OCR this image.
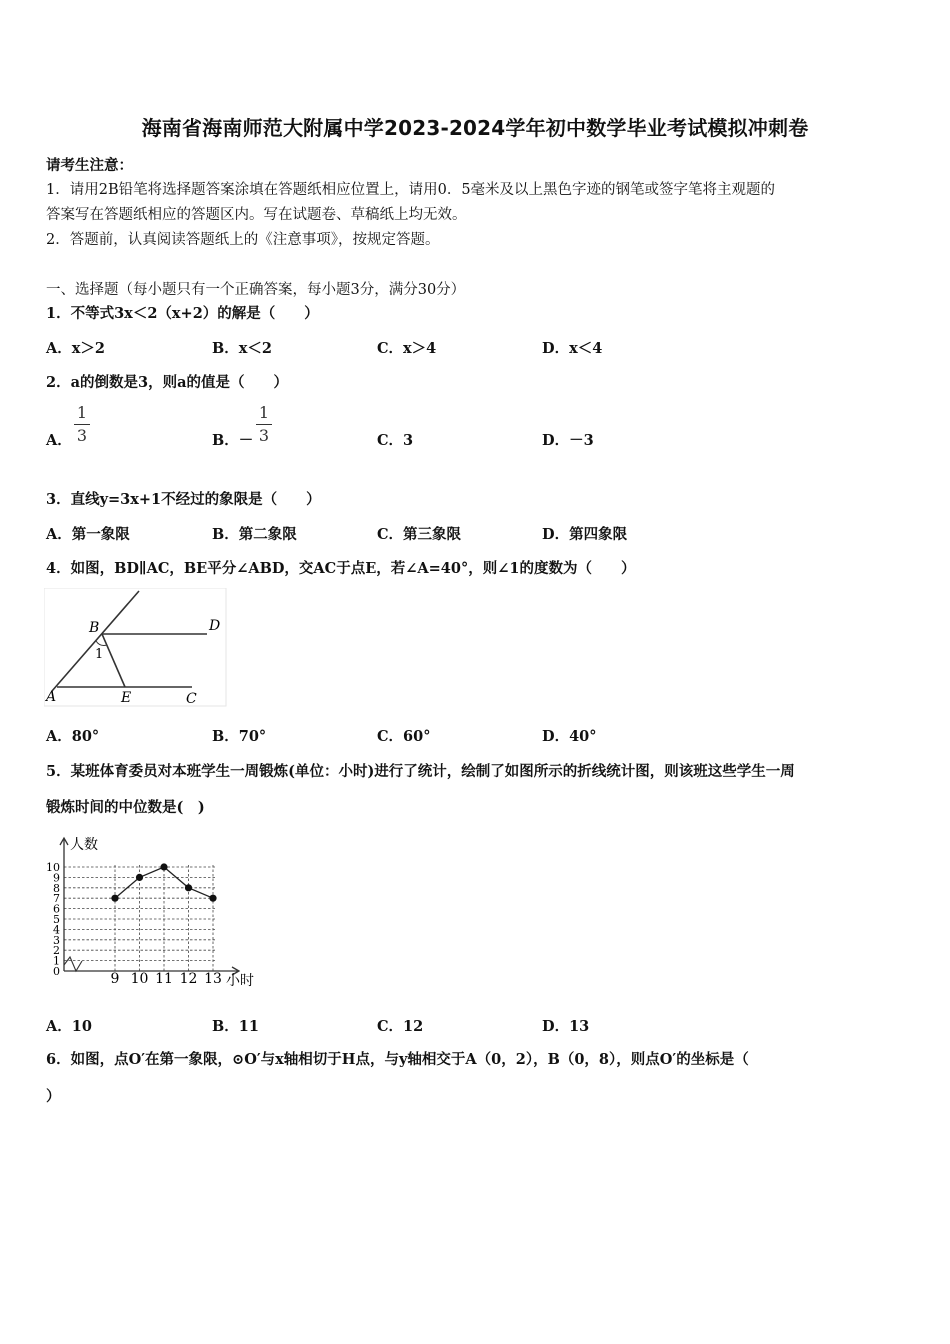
海南省海南师范大附属中学2023-2024学年初中数学毕业考试模拟冲刺卷
请考生注意：
1．请用2B铅笔将选择题答案涂填在答题纸相应位置上，请用0．5毫米及以上黑色字迹的钢笔或签字笔将主观题的
答案写在答题纸相应的答题区内。写在试题卷、草稿纸上均无效。
2．答题前，认真阅读答题纸上的《注意事项》，按规定答题。
一、选择题（每小题只有一个正确答案，每小题3分，满分30分）
1．不等式3x＜2（x+2）的解是（　　）
A．x＞2	B．x＜2	C．x＞4	D．x＜4
2．a的倒数是3，则a的值是（　　）
A．
1
3	B．－
1
3	C．3	D．－3
3．直线y=3x+1不经过的象限是（　　）
A．第一象限	B．第二象限	C．第三象限	D．第四象限
4．如图，BD∥AC，BE平分∠ABD，交AC于点E，若∠A=40°，则∠1的度数为（　　）
B	D
1
A	E	C
A．80°	B．70°	C．60°	D．40°
5．某班体育委员对本班学生一周锻炼(单位：小时)进行了统计，绘制了如图所示的折线统计图，则该班这些学生一周
锻炼时间的中位数是(　)
人数
小时
0
1
2
3
4
5
6
7
8
9
10
9 10 11 12 13
A．10	B．11	C．12	D．13
6．如图，点O′在第一象限，⊙O′与x轴相切于H点，与y轴相交于A（0，2），B（0，8），则点O′的坐标是（
）
